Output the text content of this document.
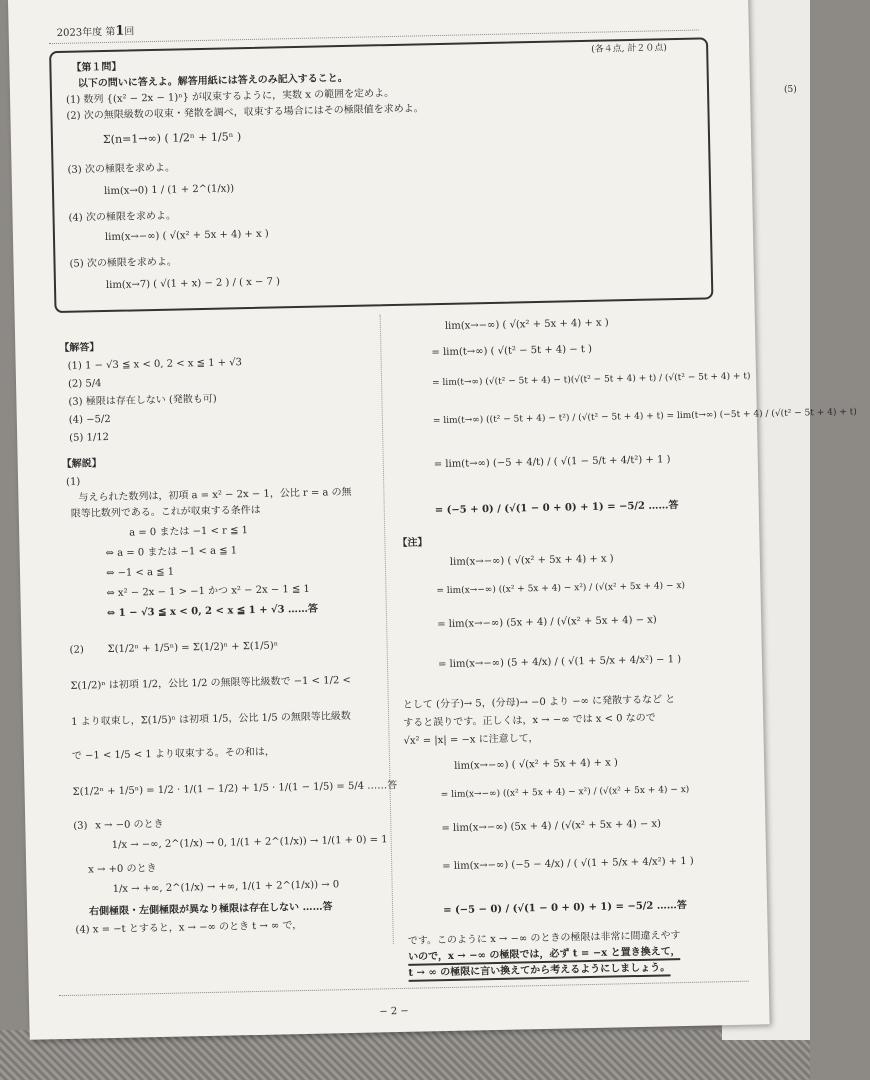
(5)
2023年度 第1回
【第１問】
(各４点, 計２０点)
以下の問いに答えよ。解答用紙には答えのみ記入すること。
(1) 数列 {(x² − 2x − 1)ⁿ} が収束するように，実数 x の範囲を定めよ。
(2) 次の無限級数の収束・発散を調べ，収束する場合にはその極限値を求めよ。
Σ(n=1→∞) ( 1/2ⁿ + 1/5ⁿ )
(3) 次の極限を求めよ。
lim(x→0) 1 / (1 + 2^(1/x))
(4) 次の極限を求めよ。
lim(x→−∞) ( √(x² + 5x + 4) + x )
(5) 次の極限を求めよ。
lim(x→7) ( √(1 + x) − 2 ) / ( x − 7 )
【解答】
(1) 1 − √3 ≦ x < 0, 2 < x ≦ 1 + √3
(2) 5/4
(3) 極限は存在しない (発散も可)
(4) −5/2
(5) 1/12
【解説】
(1)
与えられた数列は，初項 a = x² − 2x − 1，公比 r = a の無
限等比数列である。これが収束する条件は
a = 0 または −1 < r ≦ 1
⇔ a = 0 または −1 < a ≦ 1
⇔ −1 < a ≦ 1
⇔ x² − 2x − 1 > −1 かつ x² − 2x − 1 ≦ 1
⇔ 1 − √3 ≦ x < 0, 2 < x ≦ 1 + √3 ……答
(2) Σ(1/2ⁿ + 1/5ⁿ) = Σ(1/2)ⁿ + Σ(1/5)ⁿ
Σ(1/2)ⁿ は初項 1/2，公比 1/2 の無限等比級数で −1 < 1/2 <
1 より収束し，Σ(1/5)ⁿ は初項 1/5，公比 1/5 の無限等比級数
で −1 < 1/5 < 1 より収束する。その和は，
Σ(1/2ⁿ + 1/5ⁿ) = 1/2 · 1/(1 − 1/2) + 1/5 · 1/(1 − 1/5) = 5/4 ……答
(3) x → −0 のとき
1/x → −∞, 2^(1/x) → 0, 1/(1 + 2^(1/x)) → 1/(1 + 0) = 1
x → +0 のとき
1/x → +∞, 2^(1/x) → +∞, 1/(1 + 2^(1/x)) → 0
右側極限・左側極限が異なり極限は存在しない ……答
(4) x = −t とすると，x → −∞ のとき t → ∞ で，
lim(x→−∞) ( √(x² + 5x + 4) + x )
= lim(t→∞) ( √(t² − 5t + 4) − t )
= lim(t→∞) (√(t² − 5t + 4) − t)(√(t² − 5t + 4) + t) / (√(t² − 5t + 4) + t)
= lim(t→∞) ((t² − 5t + 4) − t²) / (√(t² − 5t + 4) + t) = lim(t→∞) (−5t + 4) / (√(t² − 5t + 4) + t)
= lim(t→∞) (−5 + 4/t) / ( √(1 − 5/t + 4/t²) + 1 )
= (−5 + 0) / (√(1 − 0 + 0) + 1) = −5/2 ……答
【注】
lim(x→−∞) ( √(x² + 5x + 4) + x )
= lim(x→−∞) ((x² + 5x + 4) − x²) / (√(x² + 5x + 4) − x)
= lim(x→−∞) (5x + 4) / (√(x² + 5x + 4) − x)
= lim(x→−∞) (5 + 4/x) / ( √(1 + 5/x + 4/x²) − 1 )
として (分子)→ 5，(分母)→ −0 より −∞ に発散するなど と
すると誤りです。正しくは，x → −∞ では x < 0 なので
√x² = |x| = −x に注意して，
lim(x→−∞) ( √(x² + 5x + 4) + x )
= lim(x→−∞) ((x² + 5x + 4) − x²) / (√(x² + 5x + 4) − x)
= lim(x→−∞) (5x + 4) / (√(x² + 5x + 4) − x)
= lim(x→−∞) (−5 − 4/x) / ( √(1 + 5/x + 4/x²) + 1 )
= (−5 − 0) / (√(1 − 0 + 0) + 1) = −5/2 ……答
です。このように x → −∞ のときの極限は非常に間違えやす
いので，x → −∞ の極限では，必ず t = −x と置き換えて，
t → ∞ の極限に言い換えてから考えるようにしましょう。
− 2 −
